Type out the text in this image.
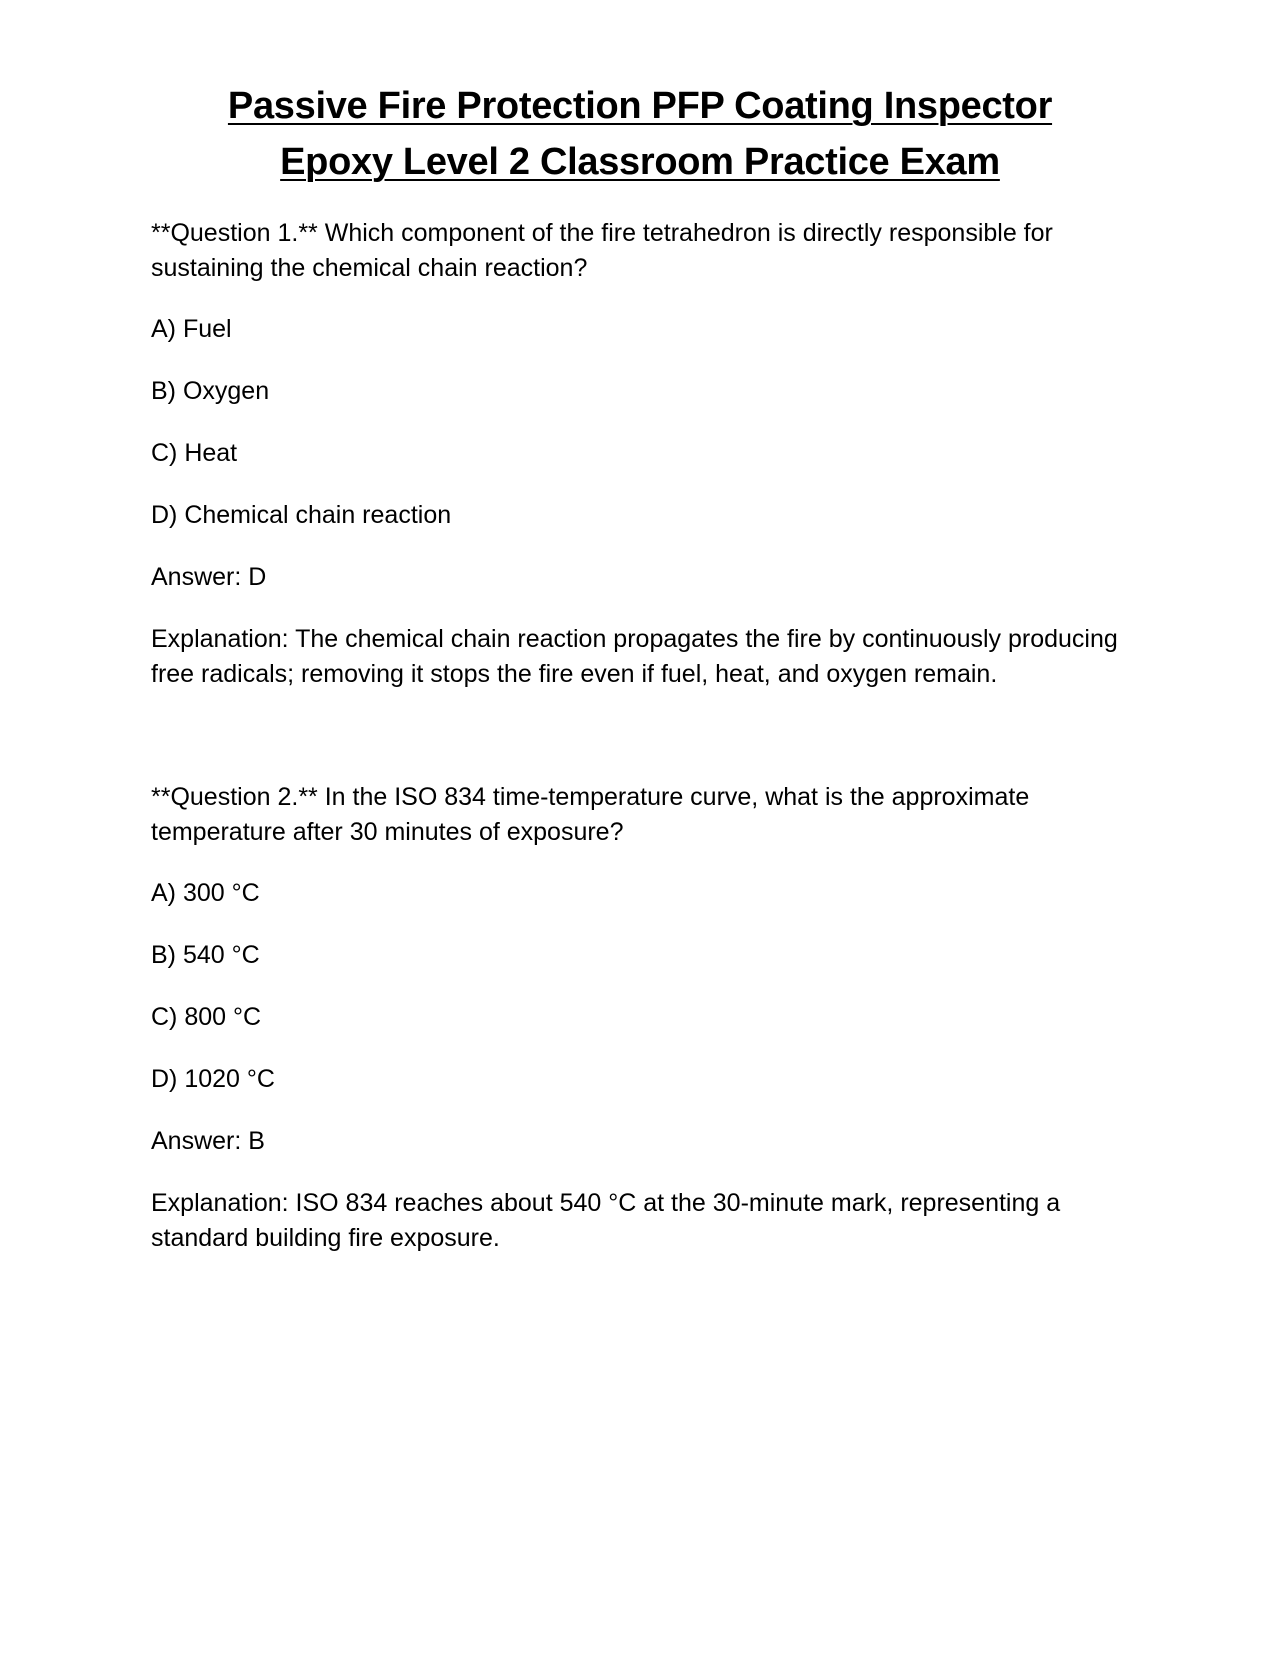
Passive Fire Protection PFP Coating Inspector
Epoxy Level 2 Classroom Practice Exam

**Question 1.** Which component of the fire tetrahedron is directly responsible for sustaining the chemical chain reaction?

A) Fuel

B) Oxygen

C) Heat

D) Chemical chain reaction

Answer: D

Explanation: The chemical chain reaction propagates the fire by continuously producing free radicals; removing it stops the fire even if fuel, heat, and oxygen remain.

**Question 2.** In the ISO 834 time-temperature curve, what is the approximate temperature after 30 minutes of exposure?

A) 300 °C

B) 540 °C

C) 800 °C

D) 1020 °C

Answer: B

Explanation: ISO 834 reaches about 540 °C at the 30-minute mark, representing a standard building fire exposure.
